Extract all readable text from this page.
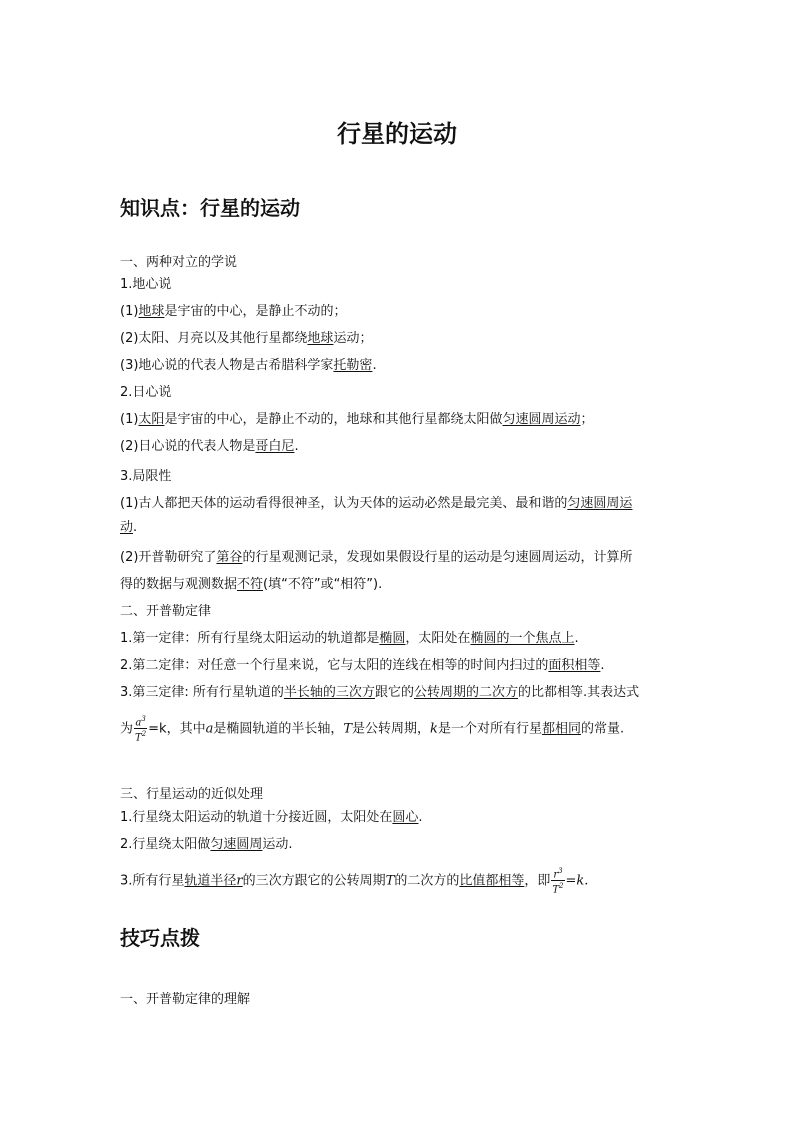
行星的运动
知识点：行星的运动
一、两种对立的学说
1.地心说
(1)地球是宇宙的中心，是静止不动的；
(2)太阳、月亮以及其他行星都绕地球运动；
(3)地心说的代表人物是古希腊科学家托勒密.
2.日心说
(1)太阳是宇宙的中心，是静止不动的，地球和其他行星都绕太阳做匀速圆周运动；
(2)日心说的代表人物是哥白尼.
3.局限性
(1)古人都把天体的运动看得很神圣，认为天体的运动必然是最完美、最和谐的匀速圆周运
动.
(2)开普勒研究了第谷的行星观测记录，发现如果假设行星的运动是匀速圆周运动，计算所
得的数据与观测数据不符(填“不符”或“相符”).
二、开普勒定律
1.第一定律：所有行星绕太阳运动的轨道都是椭圆，太阳处在椭圆的一个焦点上.
2.第二定律：对任意一个行星来说，它与太阳的连线在相等的时间内扫过的面积相等.
3.第三定律: 所有行星轨道的半长轴的三次方跟它的公转周期的二次方的比都相等.其表达式
为 $\frac{a^3}{T^2} =k$，其中a是椭圆轨道的半长轴，T是公转周期，k是一个对所有行星都相同的常量.
三、行星运动的近似处理
1.行星绕太阳运动的轨道十分接近圆，太阳处在圆心.
2.行星绕太阳做匀速圆周运动.
3.所有行星轨道半径r的三次方跟它的公转周期T的二次方的比值都相等，即 $\frac{r^3}{T^2} =k$.
技巧点拨
一、开普勒定律的理解
